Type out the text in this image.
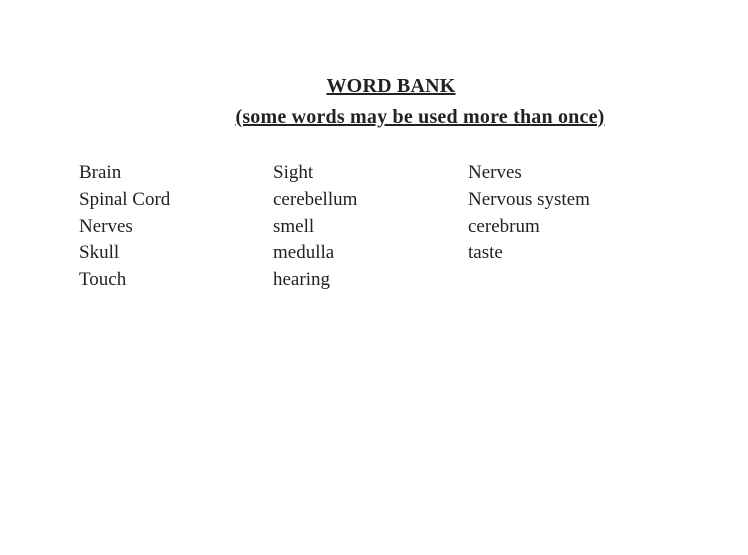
WORD BANK
(some words may be used more than once)
Brain
Spinal Cord
Nerves
Skull
Touch
Sight
cerebellum
smell
medulla
hearing
Nerves
Nervous system
cerebrum
taste
